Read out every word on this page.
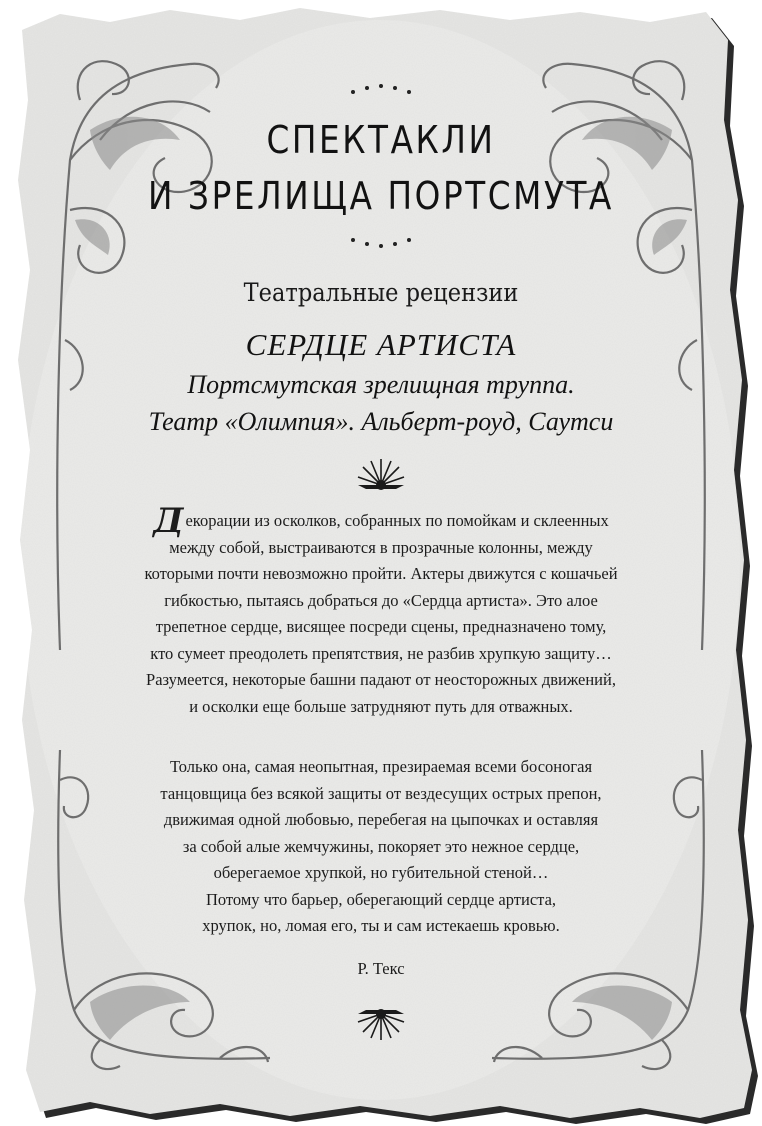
СПЕКТАКЛИ
И ЗРЕЛИЩА ПОРТСМУТА
Театральные рецензии
СЕРДЦЕ АРТИСТА
Портсмутская зрелищная труппа.
Театр «Олимпия». Альберт-роуд, Саутси
Декорации из осколков, собранных по помойкам и склеенных
между собой, выстраиваются в прозрачные колонны, между
которыми почти невозможно пройти. Актеры движутся с кошачьей
гибкостью, пытаясь добраться до «Сердца артиста». Это алое
трепетное сердце, висящее посреди сцены, предназначено тому,
кто сумеет преодолеть препятствия, не разбив хрупкую защиту…
Разумеется, некоторые башни падают от неосторожных движений,
и осколки еще больше затрудняют путь для отважных.
Только она, самая неопытная, презираемая всеми босоногая
танцовщица без всякой защиты от вездесущих острых препон,
движимая одной любовью, перебегая на цыпочках и оставляя
за собой алые жемчужины, покоряет это нежное сердце,
оберегаемое хрупкой, но губительной стеной…
Потому что барьер, оберегающий сердце артиста,
хрупок, но, ломая его, ты и сам истекаешь кровью.
Р. Текс
